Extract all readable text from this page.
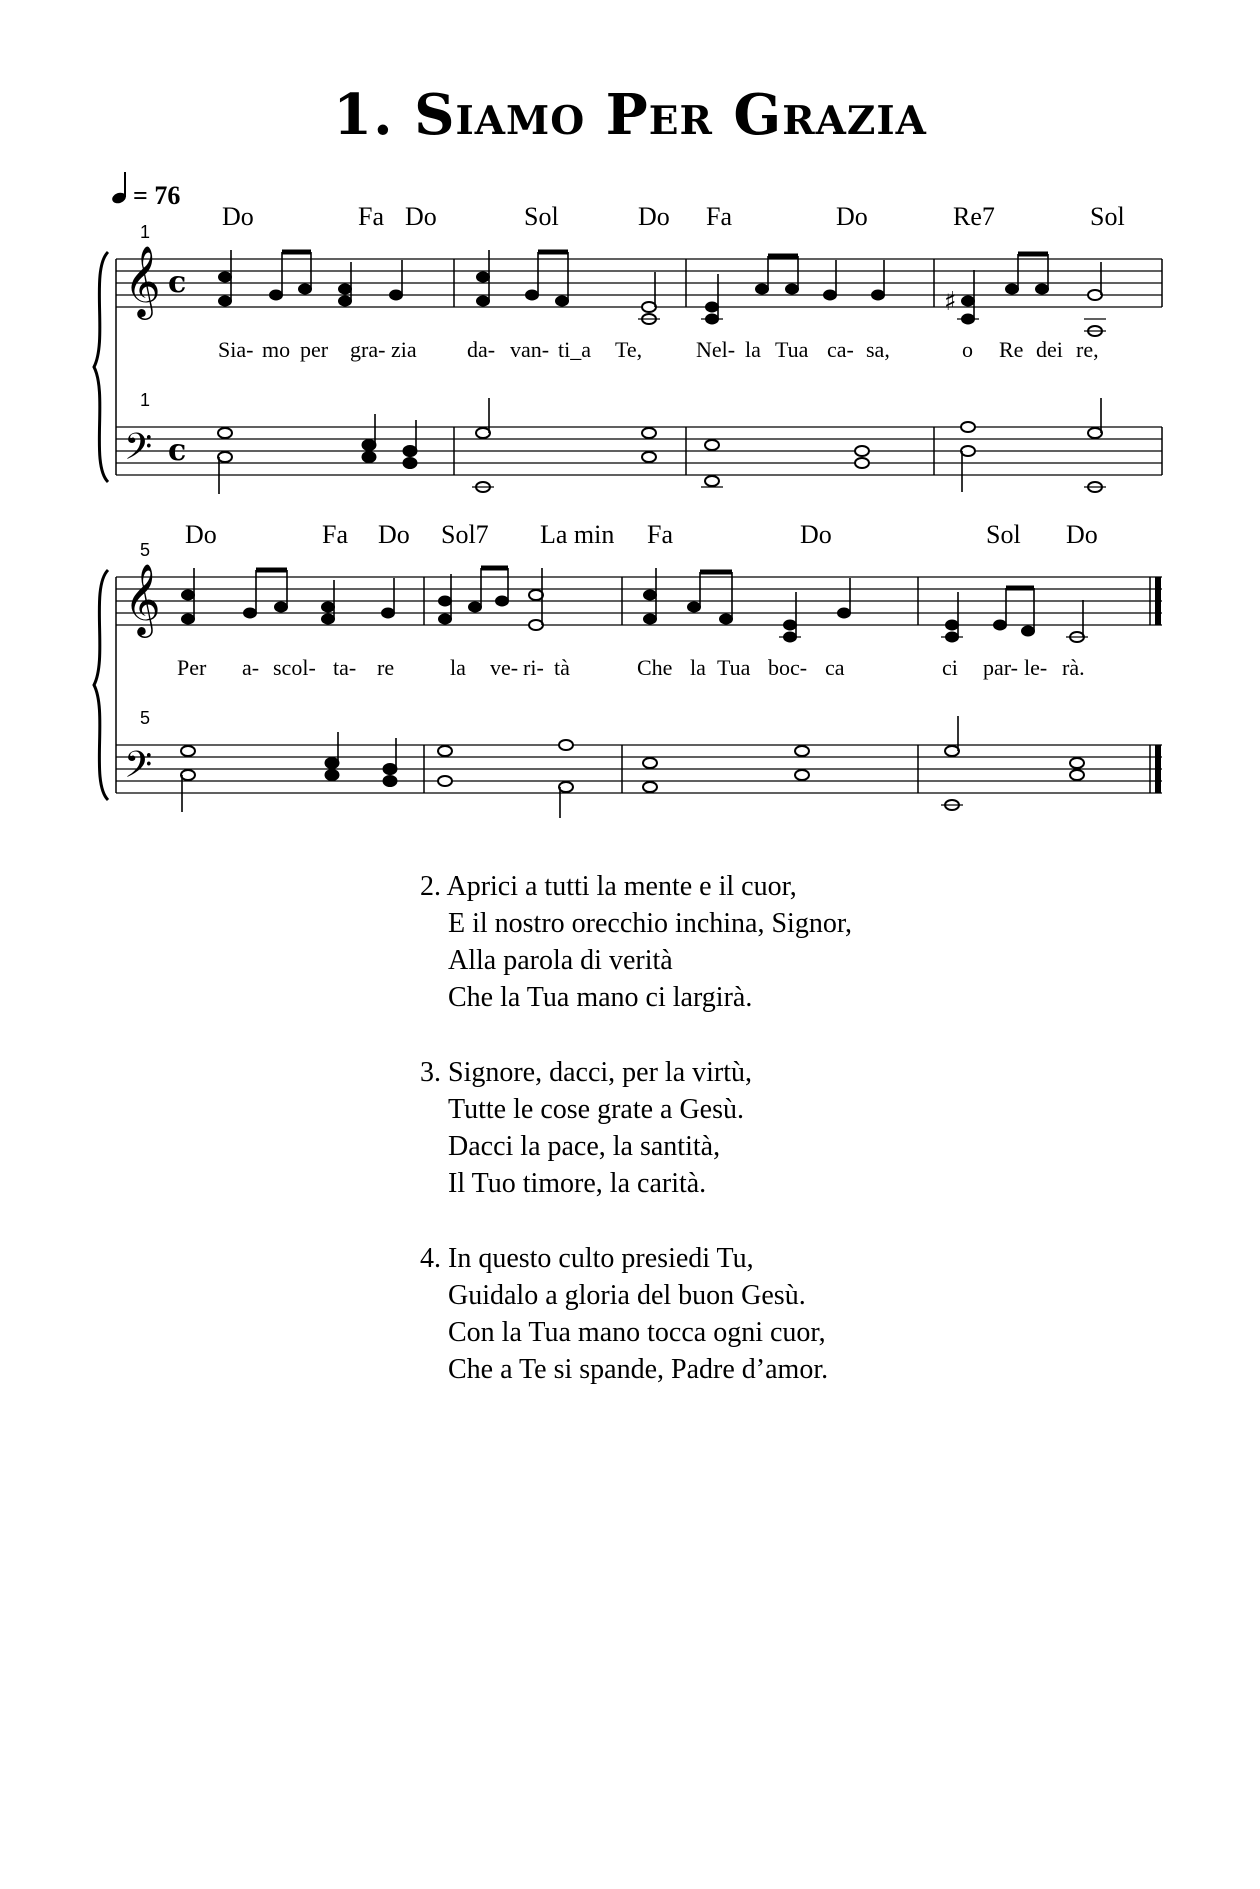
1. Siamo Per Grazia
= 76
1
1
Do	Fa Do	Sol	Do Fa	Do	Re7	Sol
𝄞
𝄢
c
c
♯
Sia- mo per gra- zia da- van- ti_a Te, Nel- la Tua ca- sa,	o Re dei re,
5
5
Do	Fa Do Sol7 La min Fa	Do	Sol Do
𝄞
𝄢
Per a- scol- ta- re	la ve- ri- tà	Che la Tua boc- ca	ci par- le- rà.
2. Aprici a tutti la mente e il cuor,
E il nostro orecchio inchina, Signor,
Alla parola di verità
Che la Tua mano ci largirà.
3. Signore, dacci, per la virtù,
Tutte le cose grate a Gesù.
Dacci la pace, la santità,
Il Tuo timore, la carità.
4. In questo culto presiedi Tu,
Guidalo a gloria del buon Gesù.
Con la Tua mano tocca ogni cuor,
Che a Te si spande, Padre d’amor.
